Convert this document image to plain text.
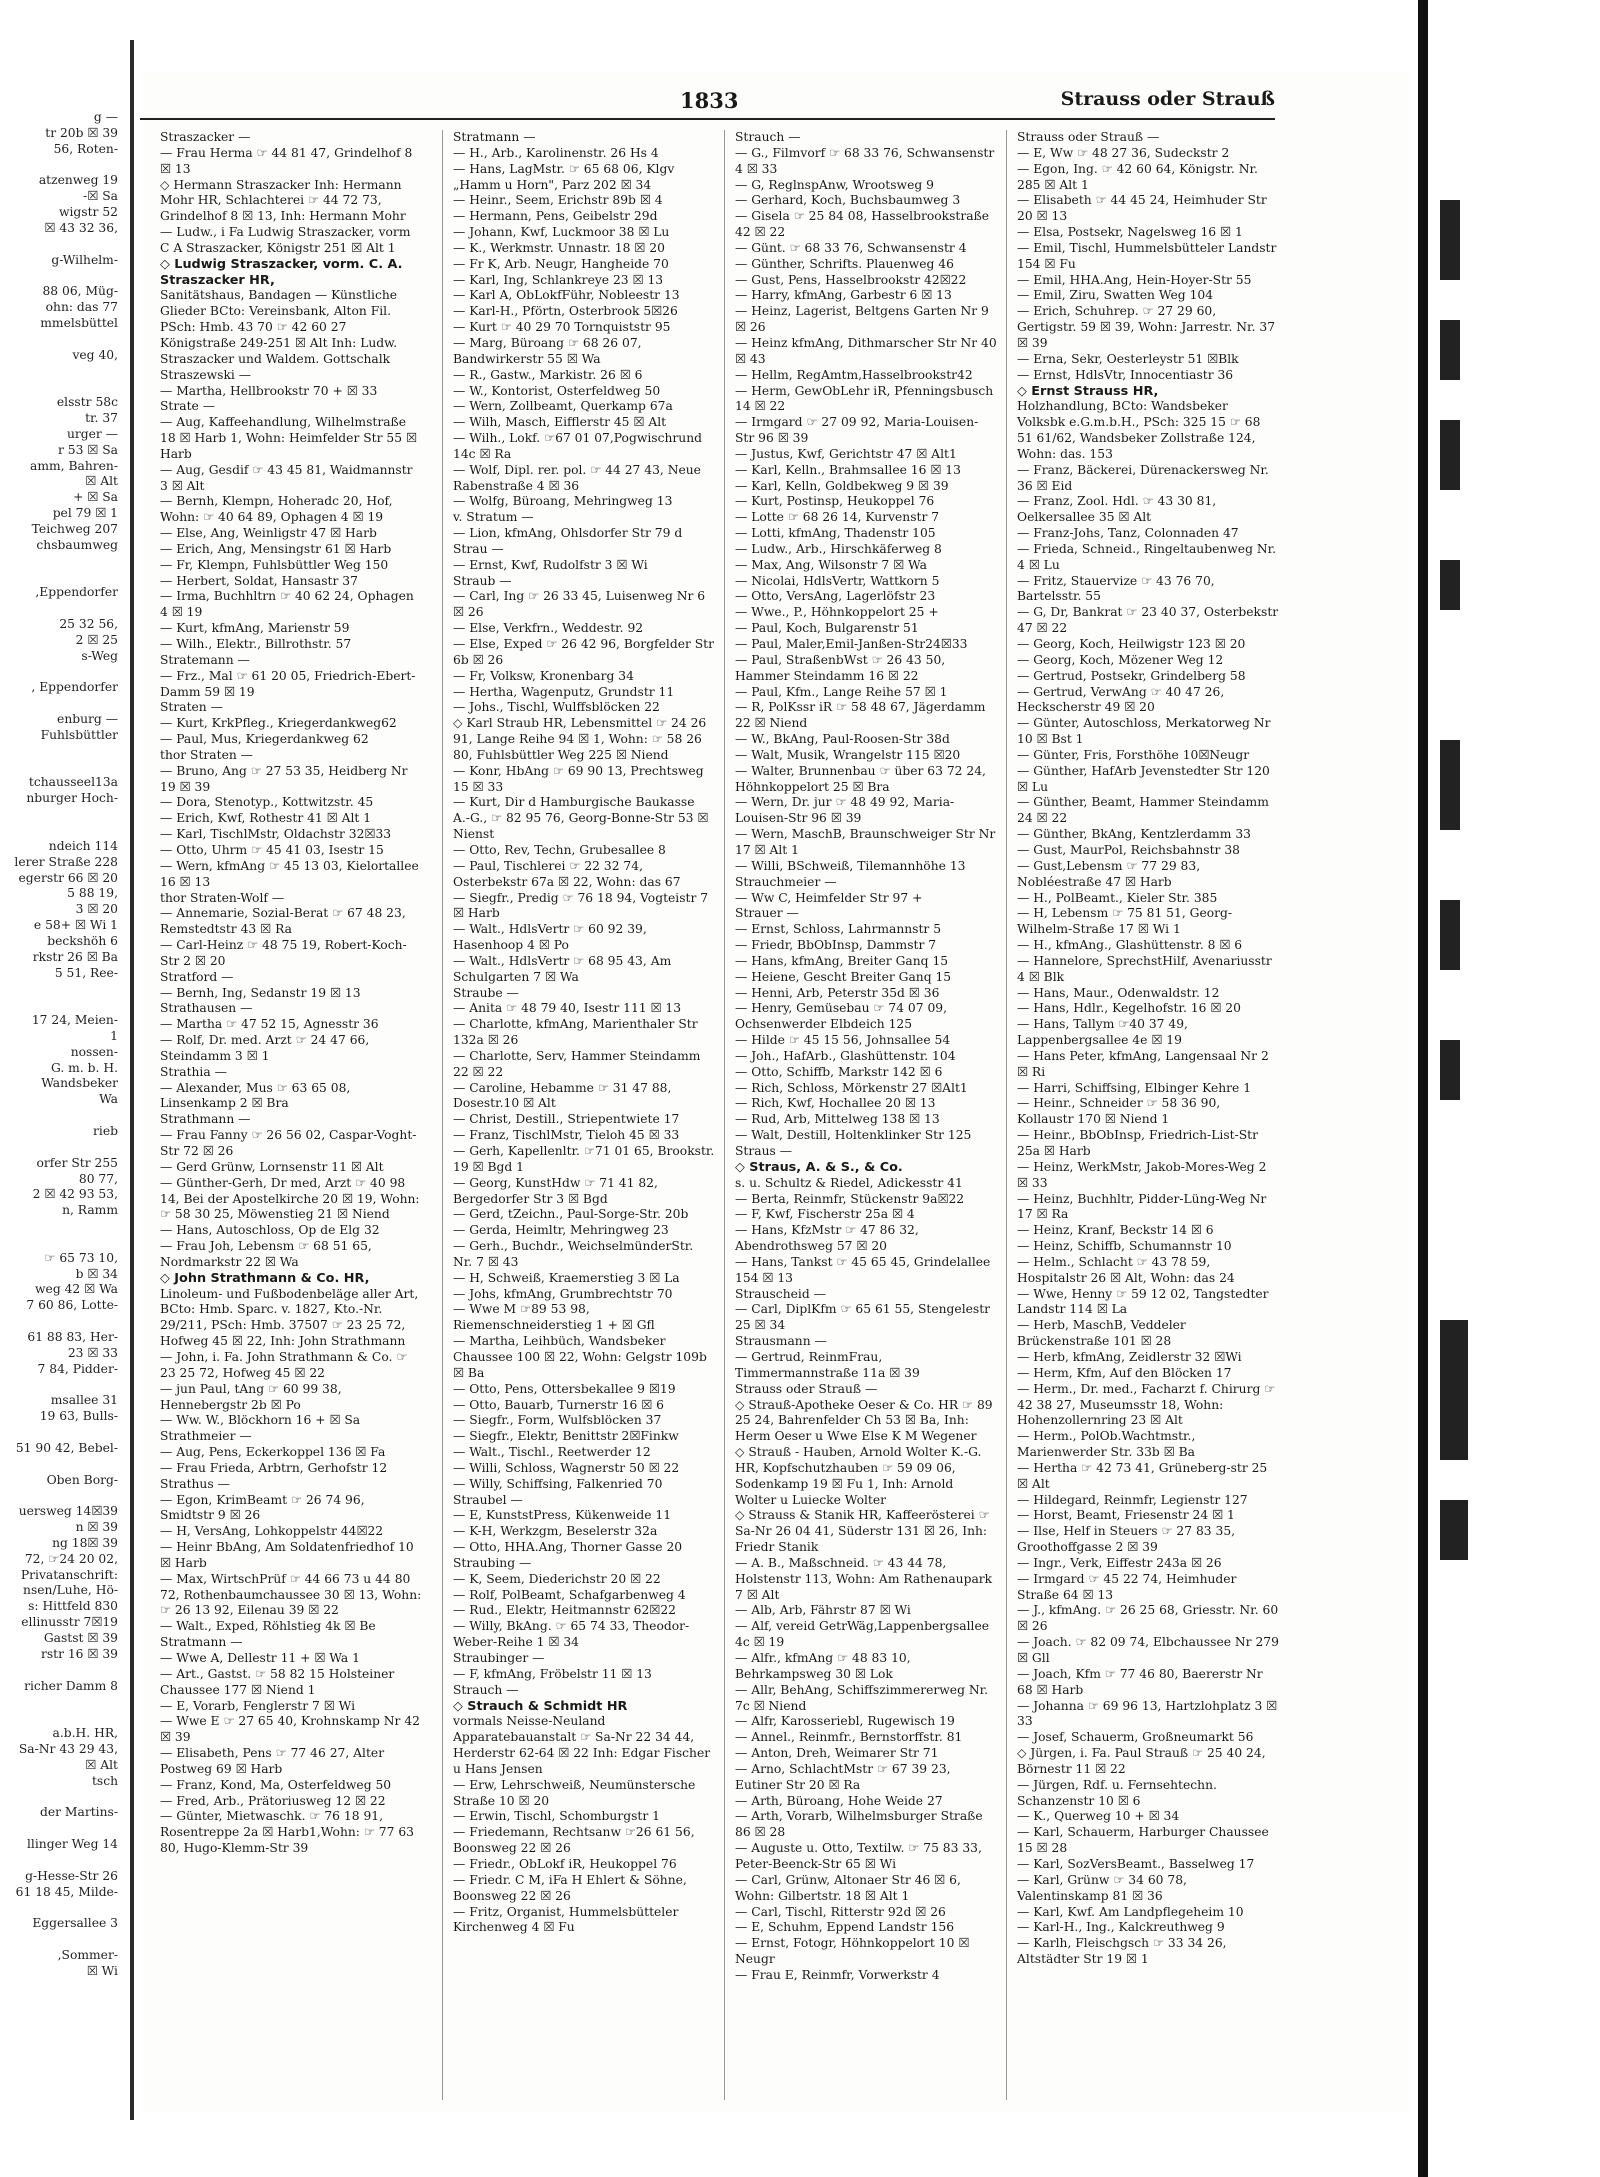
g —
tr 20b ☒ 39
56, Roten-

atzenweg 19
-☒ Sa
wigstr 52
☒ 43 32 36,

g-Wilhelm-

88 06, Müg-
ohn: das 77
mmelsbüttel

veg 40,

elsstr 58c
tr. 37
urger —
r 53 ☒ Sa
amm, Bahren-
☒ Alt
+ ☒ Sa
pel 79 ☒ 1
Teichweg 207
chsbaumweg

,Eppendorfer

25 32 56,
2 ☒ 25
s-Weg

, Eppendorfer

enburg —
Fuhlsbüttler

tchausseel13a
nburger Hoch-

ndeich 114
lerer Straße 228
egerstr 66 ☒ 20
5 88 19,
3 ☒ 20
e 58+ ☒ Wi 1
beckshöh 6
rkstr 26 ☒ Ba
5 51, Ree-

17 24, Meien-
1
nossen-
G. m. b. H.
Wandsbeker
Wa

rieb

orfer Str 255
80 77,
2 ☒ 42 93 53,
n, Ramm

☞ 65 73 10,
b ☒ 34
weg 42 ☒ Wa
7 60 86, Lotte-

61 88 83, Her-
23 ☒ 33
7 84, Pidder-

msallee 31
19 63, Bulls-

51 90 42, Bebel-

Oben Borg-

uersweg 14☒39
n ☒ 39
ng 18☒ 39
72, ☞24 20 02,
Privatanschrift:
nsen/Luhe, Hö-
s: Hittfeld 830
ellinusstr 7☒19
Gastst ☒ 39
rstr 16 ☒ 39

richer Damm 8

a.b.H. HR,
Sa-Nr 43 29 43,
☒ Alt
tsch

der Martins-

llinger Weg 14

g-Hesse-Str 26
61 18 45, Milde-

Eggersallee 3

,Sommer-
☒ Wi
1833	Strauss oder Strauß
Straszacker —
— Frau Herma ☞ 44 81 47, Grindelhof 8 ☒ 13
◇ Hermann Straszacker Inh: Hermann Mohr HR, Schlachterei ☞ 44 72 73, Grindelhof 8 ☒ 13, Inh: Hermann Mohr
— Ludw., i Fa Ludwig Straszacker, vorm C A Straszacker, Königstr 251 ☒ Alt 1
◇ Ludwig Straszacker, vorm. C. A. Straszacker HR,
Sanitätshaus, Bandagen — Künstliche Glieder BCto: Vereinsbank, Alton Fil. PSch: Hmb. 43 70 ☞ 42 60 27 Königstraße 249-251 ☒ Alt Inh: Ludw. Straszacker und Waldem. Gottschalk
Straszewski —
— Martha, Hellbrookstr 70 + ☒ 33
Strate —
— Aug, Kaffeehandlung, Wilhelmstraße 18 ☒ Harb 1, Wohn: Heimfelder Str 55 ☒ Harb
— Aug, Gesdif ☞ 43 45 81, Waidmannstr 3 ☒ Alt
— Bernh, Klempn, Hoheradc 20, Hof, Wohn: ☞ 40 64 89, Ophagen 4 ☒ 19
— Else, Ang, Weinligstr 47 ☒ Harb
— Erich, Ang, Mensingstr 61 ☒ Harb
— Fr, Klempn, Fuhlsbüttler Weg 150
— Herbert, Soldat, Hansastr 37
— Irma, Buchhltrn ☞ 40 62 24, Ophagen 4 ☒ 19
— Kurt, kfmAng, Marienstr 59
— Wilh., Elektr., Billrothstr. 57
Stratemann —
— Frz., Mal ☞ 61 20 05, Friedrich-Ebert-Damm 59 ☒ 19
Straten —
— Kurt, KrkPfleg., Kriegerdankweg62
— Paul, Mus, Kriegerdankweg 62
thor Straten —
— Bruno, Ang ☞ 27 53 35, Heidberg Nr 19 ☒ 39
— Dora, Stenotyp., Kottwitzstr. 45
— Erich, Kwf, Rothestr 41 ☒ Alt 1
— Karl, TischlMstr, Oldachstr 32☒33
— Otto, Uhrm ☞ 45 41 03, Isestr 15
— Wern, kfmAng ☞ 45 13 03, Kielortallee 16 ☒ 13
thor Straten-Wolf —
— Annemarie, Sozial-Berat ☞ 67 48 23, Remstedtstr 43 ☒ Ra
— Carl-Heinz ☞ 48 75 19, Robert-Koch-Str 2 ☒ 20
Stratford —
— Bernh, Ing, Sedanstr 19 ☒ 13
Strathausen —
— Martha ☞ 47 52 15, Agnesstr 36
— Rolf, Dr. med. Arzt ☞ 24 47 66, Steindamm 3 ☒ 1
Strathia —
— Alexander, Mus ☞ 63 65 08, Linsenkamp 2 ☒ Bra
Strathmann —
— Frau Fanny ☞ 26 56 02, Caspar-Voght-Str 72 ☒ 26
— Gerd Grünw, Lornsenstr 11 ☒ Alt
— Günther-Gerh, Dr med, Arzt ☞ 40 98 14, Bei der Apostelkirche 20 ☒ 19, Wohn: ☞ 58 30 25, Möwenstieg 21 ☒ Niend
— Hans, Autoschloss, Op de Elg 32
— Frau Joh, Lebensm ☞ 68 51 65, Nordmarkstr 22 ☒ Wa
◇ John Strathmann & Co. HR,
Linoleum- und Fußbodenbeläge aller Art, BCto: Hmb. Sparc. v. 1827, Kto.-Nr. 29/211, PSch: Hmb. 37507 ☞ 23 25 72, Hofweg 45 ☒ 22, Inh: John Strathmann
— John, i. Fa. John Strathmann & Co. ☞ 23 25 72, Hofweg 45 ☒ 22
— jun Paul, tAng ☞ 60 99 38, Hennebergstr 2b ☒ Po
— Ww. W., Blöckhorn 16 + ☒ Sa
Strathmeier —
— Aug, Pens, Eckerkoppel 136 ☒ Fa
— Frau Frieda, Arbtrn, Gerhofstr 12
Strathus —
— Egon, KrimBeamt ☞ 26 74 96, Smidtstr 9 ☒ 26
— H, VersAng, Lohkoppelstr 44☒22
— Heinr BbAng, Am Soldatenfriedhof 10 ☒ Harb
— Max, WirtschPrüf ☞ 44 66 73 u 44 80 72, Rothenbaumchaussee 30 ☒ 13, Wohn: ☞ 26 13 92, Eilenau 39 ☒ 22
— Walt., Exped, Röhlstieg 4k ☒ Be
Stratmann —
— Wwe A, Dellestr 11 + ☒ Wa 1
— Art., Gastst. ☞ 58 82 15 Holsteiner Chaussee 177 ☒ Niend 1
— E, Vorarb, Fenglerstr 7 ☒ Wi
— Wwe E ☞ 27 65 40, Krohnskamp Nr 42 ☒ 39
— Elisabeth, Pens ☞ 77 46 27, Alter Postweg 69 ☒ Harb
— Franz, Kond, Ma, Osterfeldweg 50
— Fred, Arb., Prätoriusweg 12 ☒ 22
— Günter, Mietwaschk. ☞ 76 18 91, Rosentreppe 2a ☒ Harb1,Wohn: ☞ 77 63 80, Hugo-Klemm-Str 39
Stratmann —
— H., Arb., Karolinenstr. 26 Hs 4
— Hans, LagMstr. ☞ 65 68 06, Klgv „Hamm u Horn", Parz 202 ☒ 34
— Heinr., Seem, Erichstr 89b ☒ 4
— Hermann, Pens, Geibelstr 29d
— Johann, Kwf, Luckmoor 38 ☒ Lu
— K., Werkmstr. Unnastr. 18 ☒ 20
— Fr K, Arb. Neugr, Hangheide 70
— Karl, Ing, Schlankreye 23 ☒ 13
— Karl A, ObLokfFühr, Nobleestr 13
— Karl-H., Pförtn, Osterbrook 5☒26
— Kurt ☞ 40 29 70 Tornquiststr 95
— Marg, Büroang ☞ 68 26 07, Bandwirkerstr 55 ☒ Wa
— R., Gastw., Markistr. 26 ☒ 6
— W., Kontorist, Osterfeldweg 50
— Wern, Zollbeamt, Querkamp 67a
— Wilh, Masch, Eifflerstr 45 ☒ Alt
— Wilh., Lokf. ☞67 01 07,Pogwischrund 14c ☒ Ra
— Wolf, Dipl. rer. pol. ☞ 44 27 43, Neue Rabenstraße 4 ☒ 36
— Wolfg, Büroang, Mehringweg 13
v. Stratum —
— Lion, kfmAng, Ohlsdorfer Str 79 d
Strau —
— Ernst, Kwf, Rudolfstr 3 ☒ Wi
Straub —
— Carl, Ing ☞ 26 33 45, Luisenweg Nr 6 ☒ 26
— Else, Verkfrn., Weddestr. 92
— Else, Exped ☞ 26 42 96, Borgfelder Str 6b ☒ 26
— Fr, Volksw, Kronenbarg 34
— Hertha, Wagenputz, Grundstr 11
— Johs., Tischl, Wulffsblöcken 22
◇ Karl Straub HR, Lebensmittel ☞ 24 26 91, Lange Reihe 94 ☒ 1, Wohn: ☞ 58 26 80, Fuhlsbüttler Weg 225 ☒ Niend
— Konr, HbAng ☞ 69 90 13, Prechtsweg 15 ☒ 33
— Kurt, Dir d Hamburgische Baukasse A.-G., ☞ 82 95 76, Georg-Bonne-Str 53 ☒ Nienst
— Otto, Rev, Techn, Grubesallee 8
— Paul, Tischlerei ☞ 22 32 74, Osterbekstr 67a ☒ 22, Wohn: das 67
— Siegfr., Predig ☞ 76 18 94, Vogteistr 7 ☒ Harb
— Walt., HdlsVertr ☞ 60 92 39, Hasenhoop 4 ☒ Po
— Walt., HdlsVertr ☞ 68 95 43, Am Schulgarten 7 ☒ Wa
Straube —
— Anita ☞ 48 79 40, Isestr 111 ☒ 13
— Charlotte, kfmAng, Marienthaler Str 132a ☒ 26
— Charlotte, Serv, Hammer Steindamm 22 ☒ 22
— Caroline, Hebamme ☞ 31 47 88, Dosestr.10 ☒ Alt
— Christ, Destill., Striepentwiete 17
— Franz, TischlMstr, Tieloh 45 ☒ 33
— Gerh, Kapellenltr. ☞71 01 65, Brookstr. 19 ☒ Bgd 1
— Georg, KunstHdw ☞ 71 41 82, Bergedorfer Str 3 ☒ Bgd
— Gerd, tZeichn., Paul-Sorge-Str. 20b
— Gerda, Heimltr, Mehringweg 23
— Gerh., Buchdr., WeichselmünderStr. Nr. 7 ☒ 43
— H, Schweiß, Kraemerstieg 3 ☒ La
— Johs, kfmAng, Grumbrechtstr 70
— Wwe M ☞89 53 98, Riemenschneiderstieg 1 + ☒ Gfl
— Martha, Leihbüch, Wandsbeker Chaussee 100 ☒ 22, Wohn: Gelgstr 109b ☒ Ba
— Otto, Pens, Ottersbekallee 9 ☒19
— Otto, Bauarb, Turnerstr 16 ☒ 6
— Siegfr., Form, Wulfsblöcken 37
— Siegfr., Elektr, Benittstr 2☒Finkw
— Walt., Tischl., Reetwerder 12
— Willi, Schloss, Wagnerstr 50 ☒ 22
— Willy, Schiffsing, Falkenried 70
Straubel —
— E, KunststPress, Kükenweide 11
— K-H, Werkzgm, Beselerstr 32a
— Otto, HHA.Ang, Thorner Gasse 20
Straubing —
— K, Seem, Diederichstr 20 ☒ 22
— Rolf, PolBeamt, Schafgarbenweg 4
— Rud., Elektr, Heitmannstr 62☒22
— Willy, BkAng. ☞ 65 74 33, Theodor-Weber-Reihe 1 ☒ 34
Straubinger —
— F, kfmAng, Fröbelstr 11 ☒ 13
Strauch —
◇ Strauch & Schmidt HR
vormals Neisse-Neuland Apparatebauanstalt ☞ Sa-Nr 22 34 44, Herderstr 62-64 ☒ 22 Inh: Edgar Fischer u Hans Jensen
— Erw, Lehrschweiß, Neumünstersche Straße 10 ☒ 20
— Erwin, Tischl, Schomburgstr 1
— Friedemann, Rechtsanw ☞26 61 56, Boonsweg 22 ☒ 26
— Friedr., ObLokf iR, Heukoppel 76
— Friedr. C M, iFa H Ehlert & Söhne, Boonsweg 22 ☒ 26
— Fritz, Organist, Hummelsbütteler Kirchenweg 4 ☒ Fu
Strauch —
— G., Filmvorf ☞ 68 33 76, Schwansenstr 4 ☒ 33
— G, ReglnspAnw, Wrootsweg 9
— Gerhard, Koch, Buchsbaumweg 3
— Gisela ☞ 25 84 08, Hasselbrookstraße 42 ☒ 22
— Günt. ☞ 68 33 76, Schwansenstr 4
— Günther, Schrifts. Plauenweg 46
— Gust, Pens, Hasselbrookstr 42☒22
— Harry, kfmAng, Garbestr 6 ☒ 13
— Heinz, Lagerist, Beltgens Garten Nr 9 ☒ 26
— Heinz kfmAng, Dithmarscher Str Nr 40 ☒ 43
— Hellm, RegAmtm,Hasselbrookstr42
— Herm, GewObLehr iR, Pfenningsbusch 14 ☒ 22
— Irmgard ☞ 27 09 92, Maria-Louisen-Str 96 ☒ 39
— Justus, Kwf, Gerichtstr 47 ☒ Alt1
— Karl, Kelln., Brahmsallee 16 ☒ 13
— Karl, Kelln, Goldbekweg 9 ☒ 39
— Kurt, Postinsp, Heukoppel 76
— Lotte ☞ 68 26 14, Kurvenstr 7
— Lotti, kfmAng, Thadenstr 105
— Ludw., Arb., Hirschkäferweg 8
— Max, Ang, Wilsonstr 7 ☒ Wa
— Nicolai, HdlsVertr, Wattkorn 5
— Otto, VersAng, Lagerlöfstr 23
— Wwe., P., Höhnkoppelort 25 +
— Paul, Koch, Bulgarenstr 51
— Paul, Maler,Emil-Janßen-Str24☒33
— Paul, StraßenbWst ☞ 26 43 50, Hammer Steindamm 16 ☒ 22
— Paul, Kfm., Lange Reihe 57 ☒ 1
— R, PolKssr iR ☞ 58 48 67, Jägerdamm 22 ☒ Niend
— W., BkAng, Paul-Roosen-Str 38d
— Walt, Musik, Wrangelstr 115 ☒20
— Walter, Brunnenbau ☞ über 63 72 24, Höhnkoppelort 25 ☒ Bra
— Wern, Dr. jur ☞ 48 49 92, Maria-Louisen-Str 96 ☒ 39
— Wern, MaschB, Braunschweiger Str Nr 17 ☒ Alt 1
— Willi, BSchweiß, Tilemannhöhe 13
Strauchmeier —
— Ww C, Heimfelder Str 97 +
Strauer —
— Ernst, Schloss, Lahrmannstr 5
— Friedr, BbObInsp, Dammstr 7
— Hans, kfmAng, Breiter Ganq 15
— Heiene, Gescht Breiter Ganq 15
— Henni, Arb, Peterstr 35d ☒ 36
— Henry, Gemüsebau ☞ 74 07 09, Ochsenwerder Elbdeich 125
— Hilde ☞ 45 15 56, Johnsallee 54
— Joh., HafArb., Glashüttenstr. 104
— Otto, Schiffb, Markstr 142 ☒ 6
— Rich, Schloss, Mörkenstr 27 ☒Alt1
— Rich, Kwf, Hochallee 20 ☒ 13
— Rud, Arb, Mittelweg 138 ☒ 13
— Walt, Destill, Holtenklinker Str 125
Straus —
◇ Straus, A. & S., & Co.
s. u. Schultz & Riedel, Adickesstr 41
— Berta, Reinmfr, Stückenstr 9a☒22
— F, Kwf, Fischerstr 25a ☒ 4
— Hans, KfzMstr ☞ 47 86 32, Abendrothsweg 57 ☒ 20
— Hans, Tankst ☞ 45 65 45, Grindelallee 154 ☒ 13
Strauscheid —
— Carl, DiplKfm ☞ 65 61 55, Stengelestr 25 ☒ 34
Strausmann —
— Gertrud, ReinmFrau, Timmermannstraße 11a ☒ 39
Strauss oder Strauß —
◇ Strauß-Apotheke Oeser & Co. HR ☞ 89 25 24, Bahrenfelder Ch 53 ☒ Ba, Inh: Herm Oeser u Wwe Else K M Wegener
◇ Strauß - Hauben, Arnold Wolter K.-G. HR, Kopfschutzhauben ☞ 59 09 06, Sodenkamp 19 ☒ Fu 1, Inh: Arnold Wolter u Luiecke Wolter
◇ Strauss & Stanik HR, Kaffeerösterei ☞ Sa-Nr 26 04 41, Süderstr 131 ☒ 26, Inh: Friedr Stanik
— A. B., Maßschneid. ☞ 43 44 78, Holstenstr 113, Wohn: Am Rathenaupark 7 ☒ Alt
— Alb, Arb, Fährstr 87 ☒ Wi
— Alf, vereid GetrWäg,Lappenbergsallee 4c ☒ 19
— Alfr., kfmAng ☞ 48 83 10, Behrkampsweg 30 ☒ Lok
— Allr, BehAng, Schiffszimmererweg Nr. 7c ☒ Niend
— Alfr, Karosseriebl, Rugewisch 19
— Annel., Reinmfr., Bernstorffstr. 81
— Anton, Dreh, Weimarer Str 71
— Arno, SchlachtMstr ☞ 67 39 23, Eutiner Str 20 ☒ Ra
— Arth, Büroang, Hohe Weide 27
— Arth, Vorarb, Wilhelmsburger Straße 86 ☒ 28
— Auguste u. Otto, Textilw. ☞ 75 83 33, Peter-Beenck-Str 65 ☒ Wi
— Carl, Grünw, Altonaer Str 46 ☒ 6, Wohn: Gilbertstr. 18 ☒ Alt 1
— Carl, Tischl, Ritterstr 92d ☒ 26
— E, Schuhm, Eppend Landstr 156
— Ernst, Fotogr, Höhnkoppelort 10 ☒ Neugr
— Frau E, Reinmfr, Vorwerkstr 4
Strauss oder Strauß —
— E, Ww ☞ 48 27 36, Sudeckstr 2
— Egon, Ing. ☞ 42 60 64, Königstr. Nr. 285 ☒ Alt 1
— Elisabeth ☞ 44 45 24, Heimhuder Str 20 ☒ 13
— Elsa, Postsekr, Nagelsweg 16 ☒ 1
— Emil, Tischl, Hummelsbütteler Landstr 154 ☒ Fu
— Emil, HHA.Ang, Hein-Hoyer-Str 55
— Emil, Ziru, Swatten Weg 104
— Erich, Schuhrep. ☞ 27 29 60, Gertigstr. 59 ☒ 39, Wohn: Jarrestr. Nr. 37 ☒ 39
— Erna, Sekr, Oesterleystr 51 ☒Blk
— Ernst, HdlsVtr, Innocentiastr 36
◇ Ernst Strauss HR,
Holzhandlung, BCto: Wandsbeker Volksbk e.G.m.b.H., PSch: 325 15 ☞ 68 51 61/62, Wandsbeker Zollstraße 124, Wohn: das. 153
— Franz, Bäckerei, Dürenackersweg Nr. 36 ☒ Eid
— Franz, Zool. Hdl. ☞ 43 30 81, Oelkersallee 35 ☒ Alt
— Franz-Johs, Tanz, Colonnaden 47
— Frieda, Schneid., Ringeltaubenweg Nr. 4 ☒ Lu
— Fritz, Stauervize ☞ 43 76 70, Bartelsstr. 55
— G, Dr, Bankrat ☞ 23 40 37, Osterbekstr 47 ☒ 22
— Georg, Koch, Heilwigstr 123 ☒ 20
— Georg, Koch, Mözener Weg 12
— Gertrud, Postsekr, Grindelberg 58
— Gertrud, VerwAng ☞ 40 47 26, Heckscherstr 49 ☒ 20
— Günter, Autoschloss, Merkatorweg Nr 10 ☒ Bst 1
— Günter, Fris, Forsthöhe 10☒Neugr
— Günther, HafArb Jevenstedter Str 120 ☒ Lu
— Günther, Beamt, Hammer Steindamm 24 ☒ 22
— Günther, BkAng, Kentzlerdamm 33
— Gust, MaurPol, Reichsbahnstr 38
— Gust,Lebensm ☞ 77 29 83, Nobléestraße 47 ☒ Harb
— H., PolBeamt., Kieler Str. 385
— H, Lebensm ☞ 75 81 51, Georg-Wilhelm-Straße 17 ☒ Wi 1
— H., kfmAng., Glashüttenstr. 8 ☒ 6
— Hannelore, SprechstHilf, Avenariusstr 4 ☒ Blk
— Hans, Maur., Odenwaldstr. 12
— Hans, Hdlr., Kegelhofstr. 16 ☒ 20
— Hans, Tallym ☞40 37 49, Lappenbergsallee 4e ☒ 19
— Hans Peter, kfmAng, Langensaal Nr 2 ☒ Ri
— Harri, Schiffsing, Elbinger Kehre 1
— Heinr., Schneider ☞ 58 36 90, Kollaustr 170 ☒ Niend 1
— Heinr., BbObInsp, Friedrich-List-Str 25a ☒ Harb
— Heinz, WerkMstr, Jakob-Mores-Weg 2 ☒ 33
— Heinz, Buchhltr, Pidder-Lüng-Weg Nr 17 ☒ Ra
— Heinz, Kranf, Beckstr 14 ☒ 6
— Heinz, Schiffb, Schumannstr 10
— Helm., Schlacht ☞ 43 78 59, Hospitalstr 26 ☒ Alt, Wohn: das 24
— Wwe, Henny ☞ 59 12 02, Tangstedter Landstr 114 ☒ La
— Herb, MaschB, Veddeler Brückenstraße 101 ☒ 28
— Herb, kfmAng, Zeidlerstr 32 ☒Wi
— Herm, Kfm, Auf den Blöcken 17
— Herm., Dr. med., Facharzt f. Chirurg ☞ 42 38 27, Museumsstr 18, Wohn: Hohenzollernring 23 ☒ Alt
— Herm., PolOb.Wachtmstr., Marienwerder Str. 33b ☒ Ba
— Hertha ☞ 42 73 41, Grüneberg-str 25 ☒ Alt
— Hildegard, Reinmfr, Legienstr 127
— Horst, Beamt, Friesenstr 24 ☒ 1
— Ilse, Helf in Steuers ☞ 27 83 35, Groothoffgasse 2 ☒ 39
— Ingr., Verk, Eiffestr 243a ☒ 26
— Irmgard ☞ 45 22 74, Heimhuder Straße 64 ☒ 13
— J., kfmAng. ☞ 26 25 68, Griesstr. Nr. 60 ☒ 26
— Joach. ☞ 82 09 74, Elbchaussee Nr 279 ☒ Gll
— Joach, Kfm ☞ 77 46 80, Baererstr Nr 68 ☒ Harb
— Johanna ☞ 69 96 13, Hartzlohplatz 3 ☒ 33
— Josef, Schauerm, Großneumarkt 56
◇ Jürgen, i. Fa. Paul Strauß ☞ 25 40 24, Börnestr 11 ☒ 22
— Jürgen, Rdf. u. Fernsehtechn. Schanzenstr 10 ☒ 6
— K., Querweg 10 + ☒ 34
— Karl, Schauerm, Harburger Chaussee 15 ☒ 28
— Karl, SozVersBeamt., Basselweg 17
— Karl, Grünw ☞ 34 60 78, Valentinskamp 81 ☒ 36
— Karl, Kwf. Am Landpflegeheim 10
— Karl-H., Ing., Kalckreuthweg 9
— Karlh, Fleischgsch ☞ 33 34 26, Altstädter Str 19 ☒ 1
